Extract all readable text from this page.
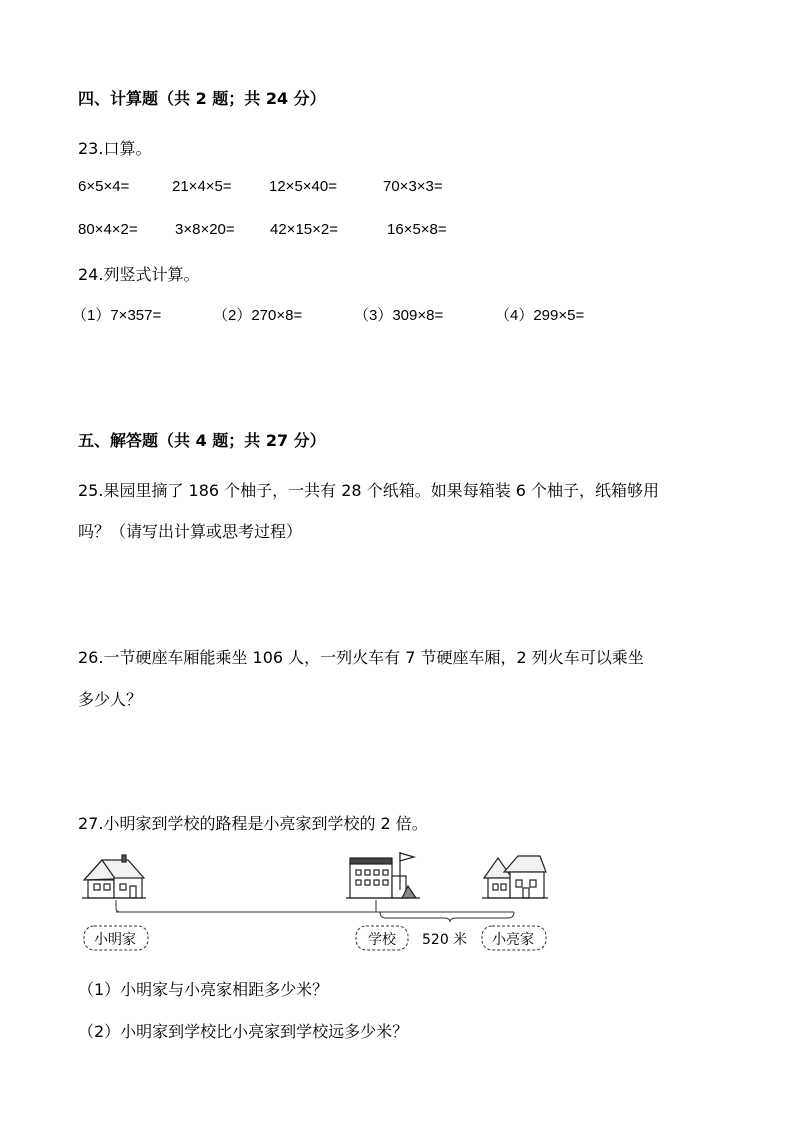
四、计算题（共 2 题；共 24 分）
23.口算。
6×5×4=	21×4×5= 12×5×40=	70×3×3=
80×4×2= 3×8×20= 42×15×2=	16×5×8=
24.列竖式计算。
（1）7×357=	（2）270×8=	（3）309×8=	（4）299×5=
五、解答题（共 4 题；共 27 分）
25.果园里摘了 186 个柚子，一共有 28 个纸箱。如果每箱装 6 个柚子，纸箱够用
吗？（请写出计算或思考过程）
26.一节硬座车厢能乘坐 106 人，一列火车有 7 节硬座车厢，2 列火车可以乘坐
多少人？
27.小明家到学校的路程是小亮家到学校的 2 倍。
小明家	学校 520 米 小亮家
（1）小明家与小亮家相距多少米？
（2）小明家到学校比小亮家到学校远多少米？
